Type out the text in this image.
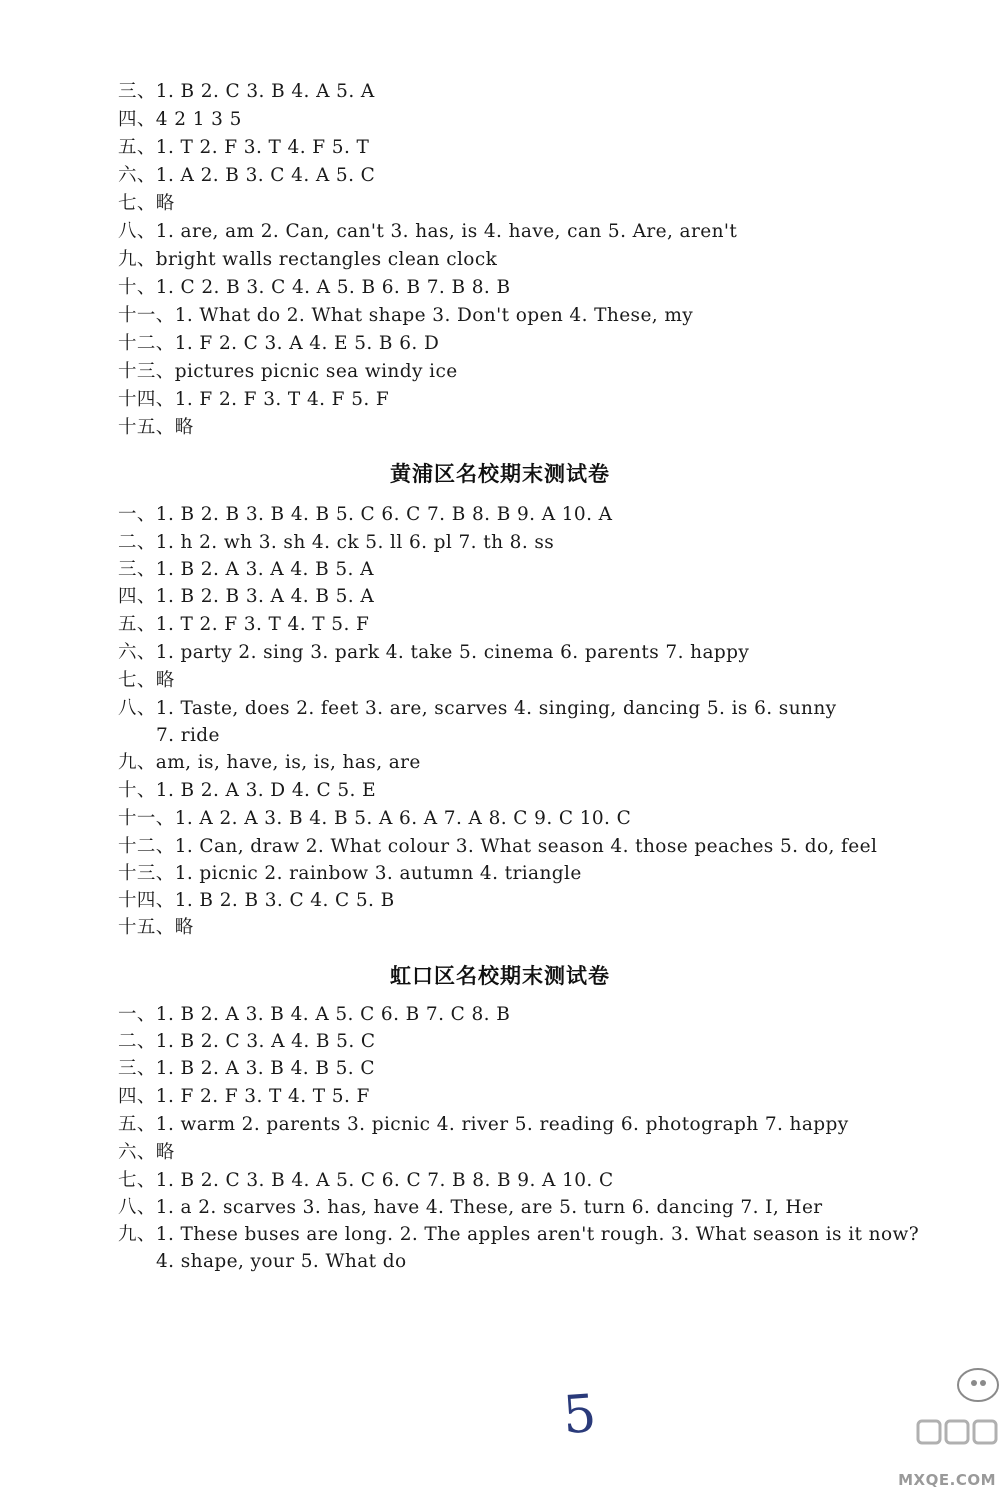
三、1. B 2. C 3. B 4. A 5. A
四、4 2 1 3 5
五、1. T 2. F 3. T 4. F 5. T
六、1. A 2. B 3. C 4. A 5. C
七、略
八、1. are, am 2. Can, can't 3. has, is 4. have, can 5. Are, aren't
九、bright walls rectangles clean clock
十、1. C 2. B 3. C 4. A 5. B 6. B 7. B 8. B
十一、1. What do 2. What shape 3. Don't open 4. These, my
十二、1. F 2. C 3. A 4. E 5. B 6. D
十三、pictures picnic sea windy ice
十四、1. F 2. F 3. T 4. F 5. F
十五、略
黄浦区名校期末测试卷
一、1. B 2. B 3. B 4. B 5. C 6. C 7. B 8. B 9. A 10. A
二、1. h 2. wh 3. sh 4. ck 5. ll 6. pl 7. th 8. ss
三、1. B 2. A 3. A 4. B 5. A
四、1. B 2. B 3. A 4. B 5. A
五、1. T 2. F 3. T 4. T 5. F
六、1. party 2. sing 3. park 4. take 5. cinema 6. parents 7. happy
七、略
八、1. Taste, does 2. feet 3. are, scarves 4. singing, dancing 5. is 6. sunny
7. ride
九、am, is, have, is, is, has, are
十、1. B 2. A 3. D 4. C 5. E
十一、1. A 2. A 3. B 4. B 5. A 6. A 7. A 8. C 9. C 10. C
十二、1. Can, draw 2. What colour 3. What season 4. those peaches 5. do, feel
十三、1. picnic 2. rainbow 3. autumn 4. triangle
十四、1. B 2. B 3. C 4. C 5. B
十五、略
虹口区名校期末测试卷
一、1. B 2. A 3. B 4. A 5. C 6. B 7. C 8. B
二、1. B 2. C 3. A 4. B 5. C
三、1. B 2. A 3. B 4. B 5. C
四、1. F 2. F 3. T 4. T 5. F
五、1. warm 2. parents 3. picnic 4. river 5. reading 6. photograph 7. happy
六、略
七、1. B 2. C 3. B 4. A 5. C 6. C 7. B 8. B 9. A 10. C
八、1. a 2. scarves 3. has, have 4. These, are 5. turn 6. dancing 7. I, Her
九、1. These buses are long. 2. The apples aren't rough. 3. What season is it now?
4. shape, your 5. What do
5
MXQE.COM
